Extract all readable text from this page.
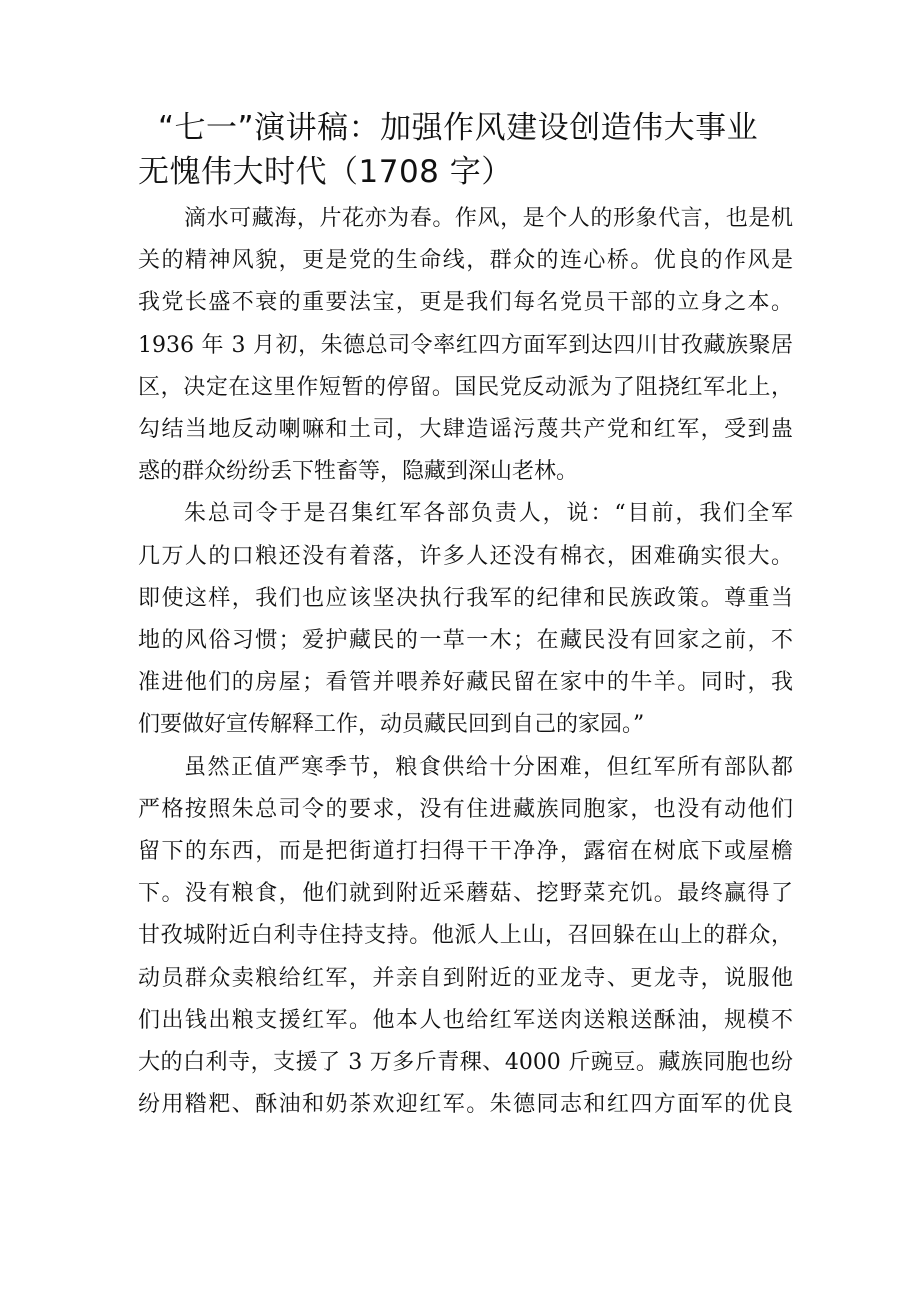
“七一”演讲稿：加强作风建设创造伟大事业
无愧伟大时代（1708 字）

滴水可藏海，片花亦为春。作风，是个人的形象代言，也是机
关的精神风貌，更是党的生命线，群众的连心桥。优良的作风是
我党长盛不衰的重要法宝，更是我们每名党员干部的立身之本。
1936 年 3 月初，朱德总司令率红四方面军到达四川甘孜藏族聚居
区，决定在这里作短暂的停留。国民党反动派为了阻挠红军北上，
勾结当地反动喇嘛和土司，大肆造谣污蔑共产党和红军，受到蛊
惑的群众纷纷丢下牲畜等，隐藏到深山老林。

朱总司令于是召集红军各部负责人，说：“目前，我们全军
几万人的口粮还没有着落，许多人还没有棉衣，困难确实很大。
即使这样，我们也应该坚决执行我军的纪律和民族政策。尊重当
地的风俗习惯；爱护藏民的一草一木；在藏民没有回家之前，不
准进他们的房屋；看管并喂养好藏民留在家中的牛羊。同时，我
们要做好宣传解释工作，动员藏民回到自己的家园。”

虽然正值严寒季节，粮食供给十分困难，但红军所有部队都
严格按照朱总司令的要求，没有住进藏族同胞家，也没有动他们
留下的东西，而是把街道打扫得干干净净，露宿在树底下或屋檐
下。没有粮食，他们就到附近采蘑菇、挖野菜充饥。最终赢得了
甘孜城附近白利寺住持支持。他派人上山，召回躲在山上的群众，
动员群众卖粮给红军，并亲自到附近的亚龙寺、更龙寺，说服他
们出钱出粮支援红军。他本人也给红军送肉送粮送酥油，规模不
大的白利寺，支援了 3 万多斤青稞、4000 斤豌豆。藏族同胞也纷
纷用糌粑、酥油和奶茶欢迎红军。朱德同志和红四方面军的优良
